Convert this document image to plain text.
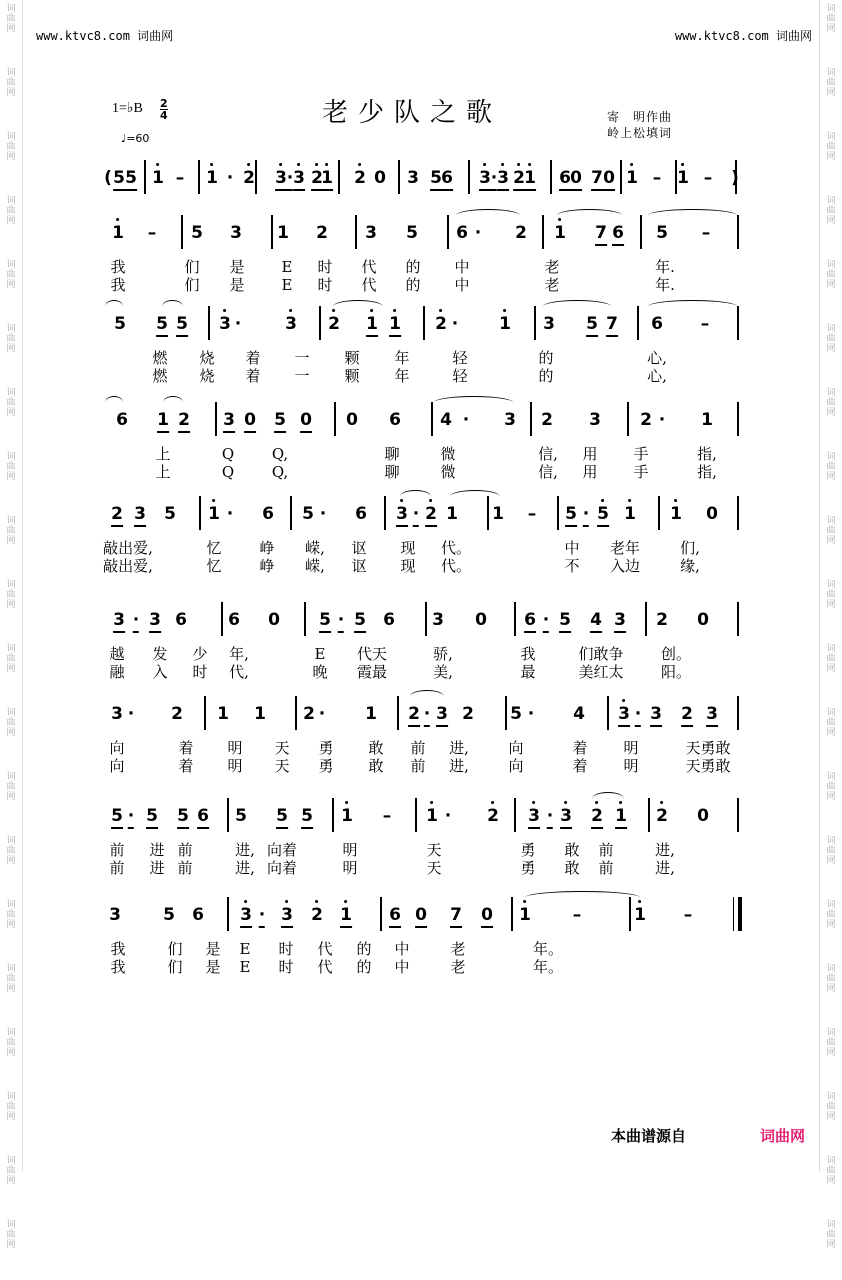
词
曲
网
词
曲
网
词
曲
网
词
曲
网
词
曲
网
词
曲
网
词
曲
网
词
曲
网
词
曲
网
词
曲
网
词
曲
网
词
曲
网
词
曲
网
词
曲
网
词
曲
网
词
曲
网
词
曲
网
词
曲
网
词
曲
网
词
曲
网
词
曲
网
词
曲
网
词
曲
网
词
曲
网
词
曲
网
词
曲
网
词
曲
网
词
曲
网
词
曲
网
词
曲
网
词
曲
网
词
曲
网
词
曲
网
词
曲
网
词
曲
网
词
曲
网
词
曲
网
词
曲
网
词
曲
网
词
曲
网
www.ktvc8.com 词曲网	www.ktvc8.com 词曲网
1=♭B 2
4
♩=60
老少队之歌	寄　明作曲
岭上松填词
( 5 5 1 – 1 · 2 3 · 3 2
1 2 0 3 5 6 3 · 3 2 1 6 0 7 0 1 – 1 – )
1 – 5 3 1 2 3 5 6 · 2 1 7 6 5 –
我	们 是 E 时 代 的 中	老	年.
我	们 是 E 时 代 的 中	老	年.
5 5 5 3 ·	3 2 1 1 2 · 1 3 5 7 6 –
燃 烧 着 一 颗 年	轻	的	心,
燃 烧 着 一 颗 年	轻	的	心,
6 1 2 3 0 5 0 0 6 4 · 3 2 3 2 · 1
上	Q	Q,	聊	微	信, 用 手	指,
上	Q	Q,	聊	微	信, 用 手	指,
2 3 5 1 · 6 5 · 6 3 · 2 1 1 – 5 · 5 1 1 0
敲出爱,	忆	峥 嵘, 讴 现 代。	中 老年	们,
敲出爱,	忆	峥 嵘, 讴 现 代。	不 入边	缘,
3 · 3 6 6 0 5 · 5 6 3 0 6 · 5 4 3 2 0
越 发 少 年,	E 代天	骄,	我	们敢争 创。
融 入 时 代,	晚 霞最	美,	最	美红太 阳。
3 · 2 1 1 2 · 1 2 · 3 2 5 · 4 3 · 3 2 3
向	着 明 天 勇 敢 前 进,	向	着 明	天勇敢
向	着 明 天 勇 敢 前 进,	向	着 明	天勇敢
5 · 5 5 6 5 5 5 1 – 1 · 2 3 · 3 2 1 2 0
前 进 前	进, 向着	明	天	勇 敢 前	进,
前 进 前	进, 向着	明	天	勇 敢 前	进,
3 5 6 3 · 3 2 1 6 0 7 0 1 –	1 –
我	们 是 E 时 代 的 中	老	年。
我	们 是 E 时 代 的 中	老	年。
本曲谱源自	词曲网
